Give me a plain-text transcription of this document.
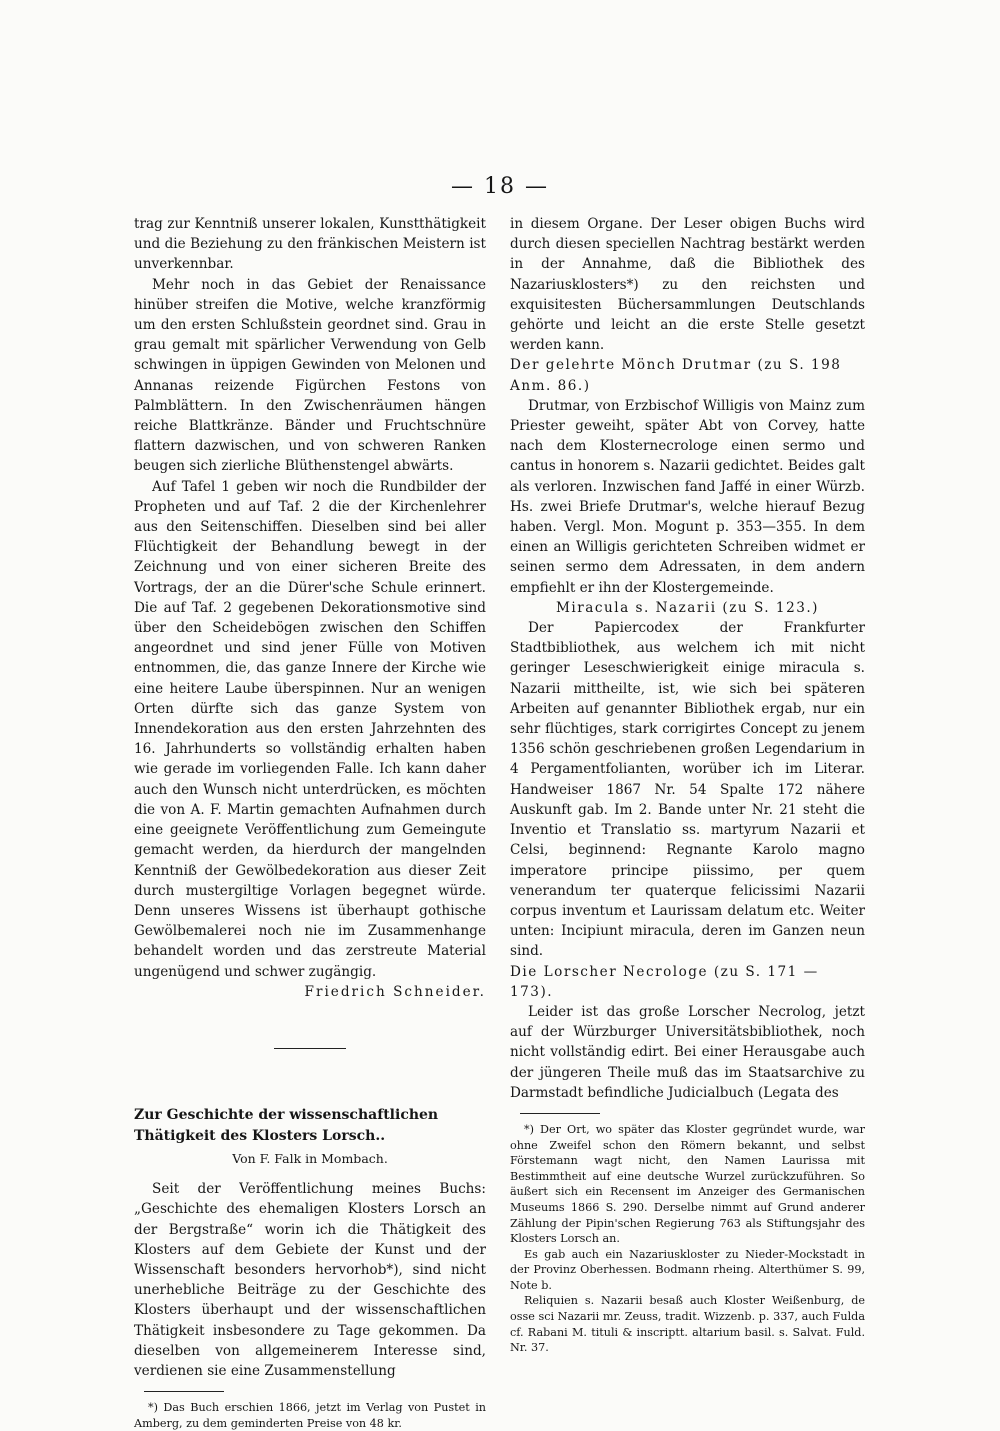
— 18 —

trag zur Kenntniß unserer lokalen, Kunstthätigkeit und die Beziehung zu den fränkischen Meistern ist unverkennbar.

Mehr noch in das Gebiet der Renaissance hinüber streifen die Motive, welche kranzförmig um den ersten Schlußstein geordnet sind. Grau in grau gemalt mit spärlicher Verwendung von Gelb schwingen in üppigen Gewinden von Melonen und Annanas reizende Figürchen Festons von Palmblättern. In den Zwischenräumen hängen reiche Blattkränze. Bänder und Fruchtschnüre flattern dazwischen, und von schweren Ranken beugen sich zierliche Blüthenstengel abwärts.

Auf Tafel 1 geben wir noch die Rundbilder der Propheten und auf Taf. 2 die der Kirchenlehrer aus den Seitenschiffen. Dieselben sind bei aller Flüchtigkeit der Behandlung bewegt in der Zeichnung und von einer sicheren Breite des Vortrags, der an die Dürer'sche Schule erinnert. Die auf Taf. 2 gegebenen Dekorationsmotive sind über den Scheidebögen zwischen den Schiffen angeordnet und sind jener Fülle von Motiven entnommen, die, das ganze Innere der Kirche wie eine heitere Laube überspinnen. Nur an wenigen Orten dürfte sich das ganze System von Innendekoration aus den ersten Jahrzehnten des 16. Jahrhunderts so vollständig erhalten haben wie gerade im vorliegenden Falle. Ich kann daher auch den Wunsch nicht unterdrücken, es möchten die von A. F. Martin gemachten Aufnahmen durch eine geeignete Veröffentlichung zum Gemeingute gemacht werden, da hierdurch der mangelnden Kenntniß der Gewölbedekoration aus dieser Zeit durch mustergiltige Vorlagen begegnet würde. Denn unseres Wissens ist überhaupt gothische Gewölbemalerei noch nie im Zusammenhange behandelt worden und das zerstreute Material ungenügend und schwer zugängig.

Friedrich Schneider.

Zur Geschichte der wissenschaftlichen Thätigkeit des Klosters Lorsch..

Von F. Falk in Mombach.

Seit der Veröffentlichung meines Buchs: „Geschichte des ehemaligen Klosters Lorsch an der Bergstraße“ worin ich die Thätigkeit des Klosters auf dem Gebiete der Kunst und der Wissenschaft besonders hervorhob*), sind nicht unerhebliche Beiträge zu der Geschichte des Klosters überhaupt und der wissenschaftlichen Thätigkeit insbesondere zu Tage gekommen. Da dieselben von allgemeinerem Interesse sind, verdienen sie eine Zusammenstellung

*) Das Buch erschien 1866, jetzt im Verlag von Pustet in Amberg, zu dem geminderten Preise von 48 kr.

in diesem Organe. Der Leser obigen Buchs wird durch diesen speciellen Nachtrag bestärkt werden in der Annahme, daß die Bibliothek des Nazariusklosters*) zu den reichsten und exquisitesten Büchersammlungen Deutschlands gehörte und leicht an die erste Stelle gesetzt werden kann.

Der gelehrte Mönch Drutmar (zu S. 198 Anm. 86.)

Drutmar, von Erzbischof Willigis von Mainz zum Priester geweiht, später Abt von Corvey, hatte nach dem Klosternecrologe einen sermo und cantus in honorem s. Nazarii gedichtet. Beides galt als verloren. Inzwischen fand Jaffé in einer Würzb. Hs. zwei Briefe Drutmar's, welche hierauf Bezug haben. Vergl. Mon. Mogunt p. 353—355. In dem einen an Willigis gerichteten Schreiben widmet er seinen sermo dem Adressaten, in dem andern empfiehlt er ihn der Klostergemeinde.

Miracula s. Nazarii (zu S. 123.)

Der Papiercodex der Frankfurter Stadtbibliothek, aus welchem ich mit nicht geringer Leseschwierigkeit einige miracula s. Nazarii mittheilte, ist, wie sich bei späteren Arbeiten auf genannter Bibliothek ergab, nur ein sehr flüchtiges, stark corrigirtes Concept zu jenem 1356 schön geschriebenen großen Legendarium in 4 Pergamentfolianten, worüber ich im Literar. Handweiser 1867 Nr. 54 Spalte 172 nähere Auskunft gab. Im 2. Bande unter Nr. 21 steht die Inventio et Translatio ss. martyrum Nazarii et Celsi, beginnend: Regnante Karolo magno imperatore principe piissimo, per quem venerandum ter quaterque felicissimi Nazarii corpus inventum et Laurissam delatum etc. Weiter unten: Incipiunt miracula, deren im Ganzen neun sind.

Die Lorscher Necrologe (zu S. 171 — 173).

Leider ist das große Lorscher Necrolog, jetzt auf der Würzburger Universitätsbibliothek, noch nicht vollständig edirt. Bei einer Herausgabe auch der jüngeren Theile muß das im Staatsarchive zu Darmstadt befindliche Judicialbuch (Legata des

*) Der Ort, wo später das Kloster gegründet wurde, war ohne Zweifel schon den Römern bekannt, und selbst Förstemann wagt nicht, den Namen Laurissa mit Bestimmtheit auf eine deutsche Wurzel zurückzuführen. So äußert sich ein Recensent im Anzeiger des Germanischen Museums 1866 S. 290. Derselbe nimmt auf Grund anderer Zählung der Pipin'schen Regierung 763 als Stiftungsjahr des Klosters Lorsch an.

Es gab auch ein Nazariuskloster zu Nieder-Mockstadt in der Provinz Oberhessen. Bodmann rheing. Alterthümer S. 99, Note b.

Reliquien s. Nazarii besaß auch Kloster Weißenburg, de osse sci Nazarii mr. Zeuss, tradit. Wizzenb. p. 337, auch Fulda cf. Rabani M. tituli & inscriptt. altarium basil. s. Salvat. Fuld. Nr. 37.
